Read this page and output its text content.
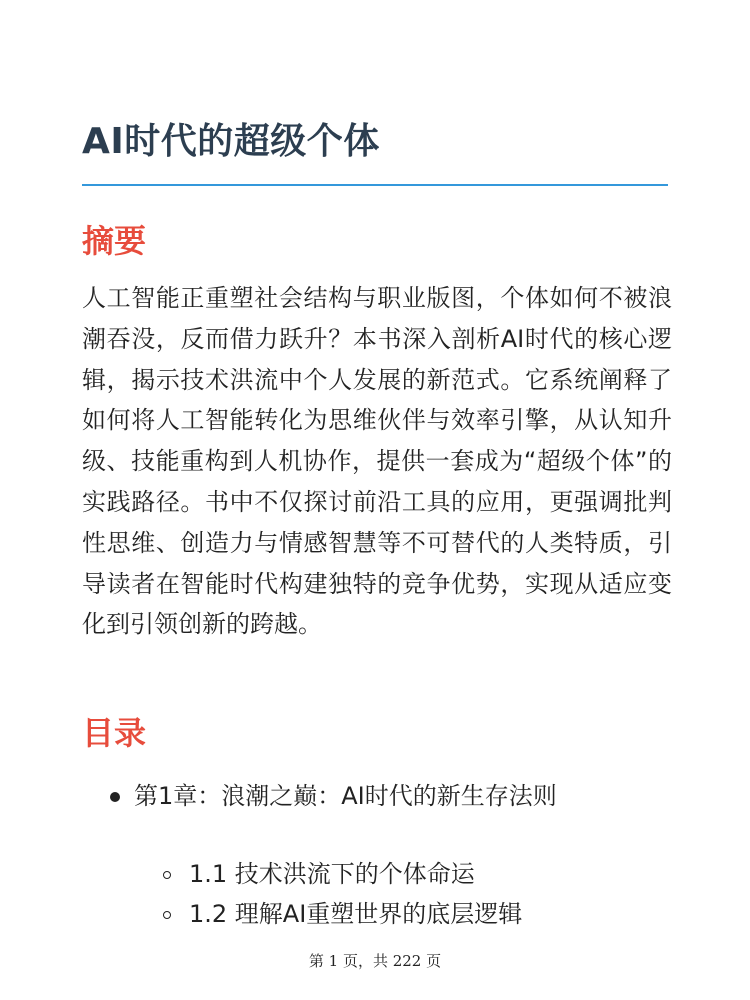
AI时代的超级个体
摘要

人工智能正重塑社会结构与职业版图，个体如何不被浪潮吞没，反而借力跃升？本书深入剖析AI时代的核心逻辑，揭示技术洪流中个人发展的新范式。它系统阐释了如何将人工智能转化为思维伙伴与效率引擎，从认知升级、技能重构到人机协作，提供一套成为“超级个体”的实践路径。书中不仅探讨前沿工具的应用，更强调批判性思维、创造力与情感智慧等不可替代的人类特质，引导读者在智能时代构建独特的竞争优势，实现从适应变化到引领创新的跨越。

目录
第1章：浪潮之巅：AI时代的新生存法则
1.1 技术洪流下的个体命运
1.2 理解AI重塑世界的底层逻辑
第 1 页，共 222 页
